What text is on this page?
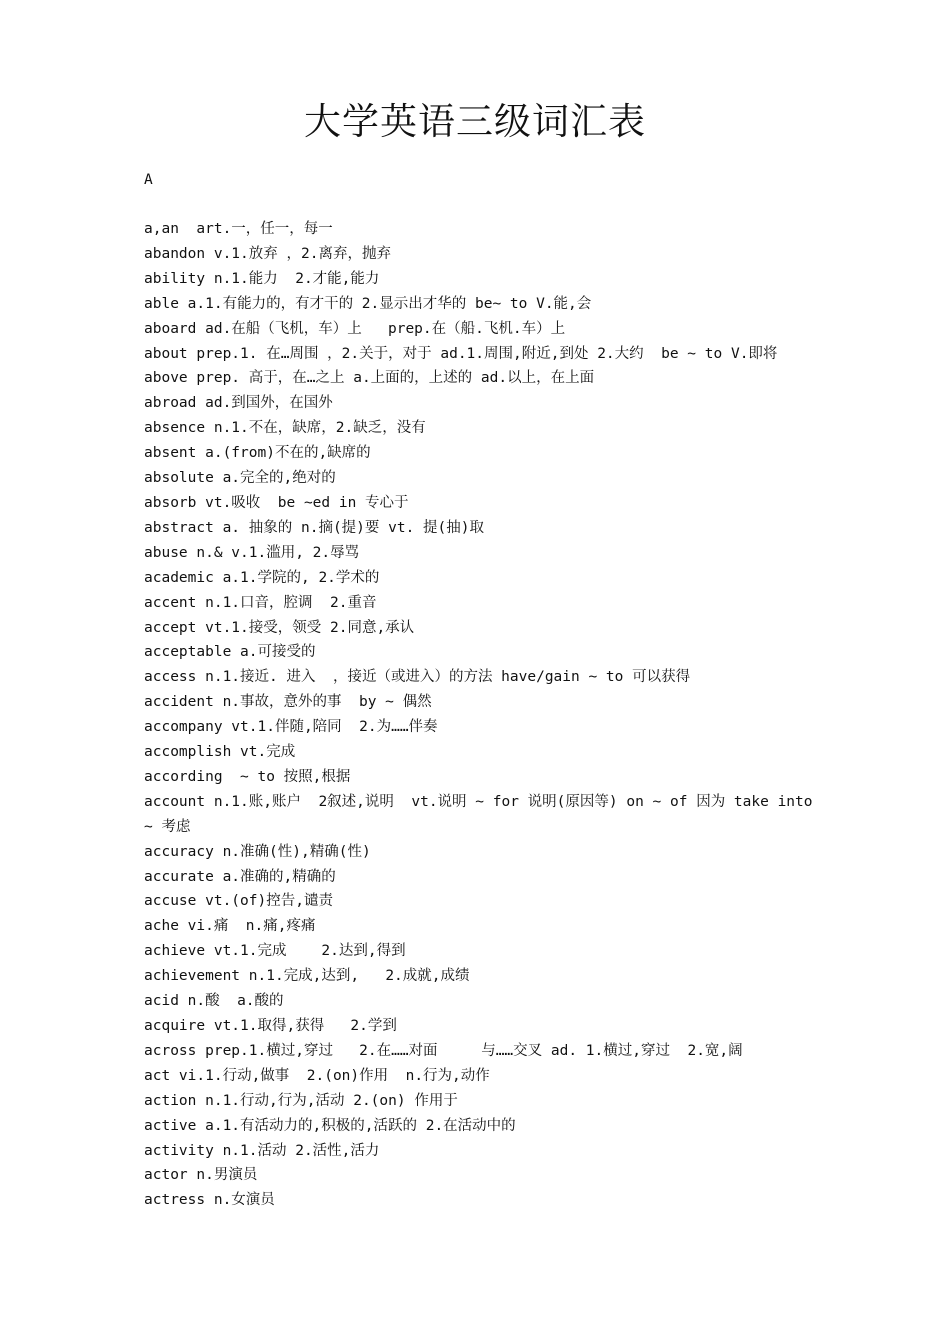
大学英语三级词汇表
A
a,an  art.一，任一，每一
abandon v.1.放弃 ，2.离弃，抛弃
ability n.1.能力  2.才能,能力
able a.1.有能力的，有才干的 2.显示出才华的 be~ to V.能,会
aboard ad.在船（飞机，车）上   prep.在（船.飞机.车）上
about prep.1. 在…周围 ，2.关于，对于 ad.1.周围,附近,到处 2.大约  be ~ to V.即将
above prep. 高于，在…之上 a.上面的，上述的 ad.以上，在上面
abroad ad.到国外，在国外
absence n.1.不在，缺席，2.缺乏，没有
absent a.(from)不在的,缺席的
absolute a.完全的,绝对的
absorb vt.吸收  be ~ed in 专心于
abstract a. 抽象的 n.摘(提)要 vt. 提(抽)取
abuse n.& v.1.滥用, 2.辱骂
academic a.1.学院的, 2.学术的
accent n.1.口音，腔调  2.重音
accept vt.1.接受，领受 2.同意,承认
acceptable a.可接受的
access n.1.接近. 进入  ，接近（或进入）的方法 have/gain ~ to 可以获得
accident n.事故，意外的事  by ~ 偶然
accompany vt.1.伴随,陪同  2.为……伴奏
accomplish vt.完成
according  ~ to 按照,根据
account n.1.账,账户  2叙述,说明  vt.说明 ~ for 说明(原因等) on ~ of 因为 take into ~ 考虑
accuracy n.准确(性),精确(性)
accurate a.准确的,精确的
accuse vt.(of)控告,谴责
ache vi.痛  n.痛,疼痛
achieve vt.1.完成    2.达到,得到
achievement n.1.完成,达到,   2.成就,成绩
acid n.酸  a.酸的
acquire vt.1.取得,获得   2.学到
across prep.1.横过,穿过   2.在……对面     与……交叉 ad. 1.横过,穿过  2.宽,阔
act vi.1.行动,做事  2.(on)作用  n.行为,动作
action n.1.行动,行为,活动 2.(on) 作用于
active a.1.有活动力的,积极的,活跃的 2.在活动中的
activity n.1.活动 2.活性,活力
actor n.男演员
actress n.女演员
